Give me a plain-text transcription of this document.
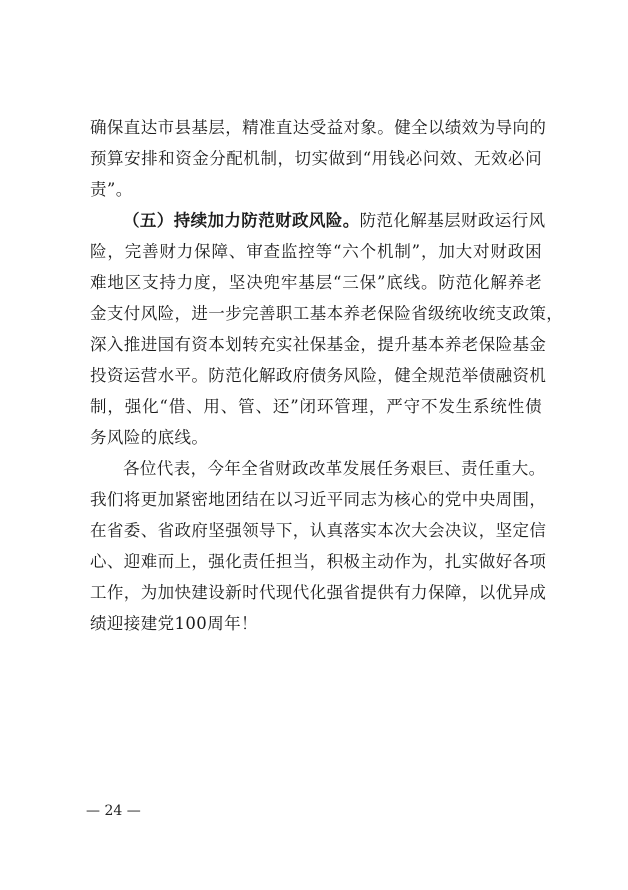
确保直达市县基层，精准直达受益对象。健全以绩效为导向的
预算安排和资金分配机制，切实做到“用钱必问效、无效必问
责”。
（五）持续加力防范财政风险。防范化解基层财政运行风
险，完善财力保障、审查监控等“六个机制”，加大对财政困
难地区支持力度，坚决兜牢基层“三保”底线。防范化解养老
金支付风险，进一步完善职工基本养老保险省级统收统支政策，
深入推进国有资本划转充实社保基金，提升基本养老保险基金
投资运营水平。防范化解政府债务风险，健全规范举债融资机
制，强化“借、用、管、还”闭环管理，严守不发生系统性债
务风险的底线。
各位代表，今年全省财政改革发展任务艰巨、责任重大。
我们将更加紧密地团结在以习近平同志为核心的党中央周围，
在省委、省政府坚强领导下，认真落实本次大会决议，坚定信
心、迎难而上，强化责任担当，积极主动作为，扎实做好各项
工作，为加快建设新时代现代化强省提供有力保障，以优异成
绩迎接建党100周年！
— 24 —
